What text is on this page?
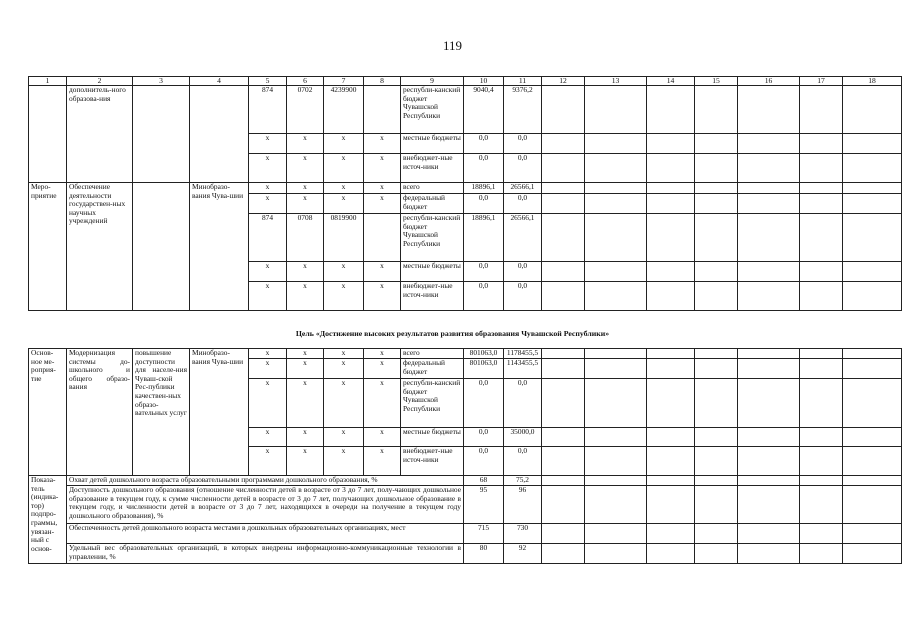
119
1	2	3	4	5	6	7	8	9	10	11	12	13	14	15	16	17	18
	дополнитель-ного образова-ния			874	0702	4239900		республи-канский бюджет Чувашской Республики	9040,4	9376,2							
				x	x	x	x	местные бюджеты	0,0	0,0							
				x	x	x	x	внебюджет-ные источ-ники	0,0	0,0							
Меро-приятие	Обеспечение деятельности государствен-ных научных учреждений		Минобразо-вания Чува-шии	x	x	x	x	всего	18896,1	26566,1							
				x	x	x	x	федеральный бюджет	0,0	0,0							
				874	0708	0819900		республи-канский бюджет Чувашской Республики	18896,1	26566,1							
				x	x	x	x	местные бюджеты	0,0	0,0							
				x	x	x	x	внебюджет-ные источ-ники	0,0	0,0							
Цель «Достижение высоких результатов развития образования Чувашской Республики»
Основ-ное ме-роприя-тие	Модернизация системы до-школьного и общего образо-вания	повышение доступности для населе-ния Чуваш-ской Рес-публики качествен-ных образо-вательных услуг	Минобразо-вания Чува-шии	x	x	x	x	всего	801063,0	1178455,5							
				x	x	x	x	федеральный бюджет	801063,0	1143455,5							
				x	x	x	x	республи-канский бюджет Чувашской Республики	0,0	0,0							
				x	x	x	x	местные бюджеты	0,0	35000,0							
				x	x	x	x	внебюджет-ные источ-ники	0,0	0,0							
Показа-тель (индика-тор) подпро-граммы, увязан-ный с основ-	Охват детей дошкольного возраста образовательными программами дошкольного образования, %								68	75,2							
	Доступность дошкольного образования (отношение численности детей в возрасте от 3 до 7 лет, полу-чающих дошкольное образование в текущем году, к сумме численности детей в возрасте от 3 до 7 лет, получающих дошкольное образование в текущем году, и численности детей в возрасте от 3 до 7 лет, находящихся в очереди на получение в текущем году дошкольного образования), %								95	96							
	Обеспеченность детей дошкольного возраста местами в дошкольных образовательных организациях, мест								715	730							
	Удельный вес образовательных организаций, в которых внедрены информационно-коммуникационные технологии в управлении, %								80	92							
